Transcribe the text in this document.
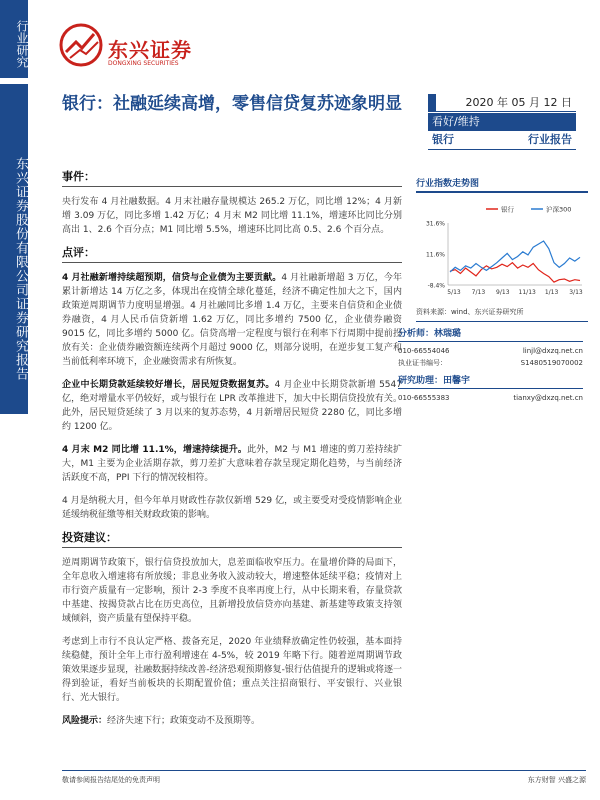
行业研究
东兴证券股份有限公司证券研究报告
东兴证券
DONGXING SECURITIES
银行：社融延续高增，零售信贷复苏迹象明显	2020 年 05 月 12 日
看好/维持
银行	行业报告
事件：
央行发布 4 月社融数据。4 月末社融存量规模达 265.2 万亿，同比增 12%；4 月新增 3.09 万亿，同比多增 1.42 万亿；4 月末 M2 同比增 11.1%，增速环比同比分别高出 1、2.6 个百分点；M1 同比增 5.5%，增速环比同比高 0.5、2.6 个百分点。
点评：
4 月社融新增持续超预期，信贷与企业债为主要贡献。4 月社融新增超 3 万亿，今年累计新增达 14 万亿之多，体现出在疫情全球化蔓延，经济不确定性加大之下，国内政策逆周期调节力度明显增强。4 月社融同比多增 1.4 万亿，主要来自信贷和企业债券融资，4 月人民币信贷新增 1.62 万亿，同比多增约 7500 亿，企业债券融资 9015 亿，同比多增约 5000 亿。信贷高增一定程度与银行在利率下行周期中提前投放有关：企业债券融资额连续两个月超过 9000 亿，则部分说明，在逆步复工复产和当前低利率环境下，企业融资需求有所恢复。
企业中长期贷款延续较好增长，居民短贷数据复苏。4 月企业中长期贷款新增 5547 亿，绝对增量水平仍较好，或与银行在 LPR 改革推进下，加大中长期信贷投放有关。此外，居民短贷延续了 3 月以来的复苏态势，4 月新增居民短贷 2280 亿，同比多增约 1200 亿。
4 月末 M2 同比增 11.1%，增速持续提升。此外，M2 与 M1 增速的剪刀差持续扩大，M1 主要为企业活期存款，剪刀差扩大意味着存款呈现定期化趋势，与当前经济活跃度不高，PPI 下行的情况较相符。
4 月是纳税大月，但今年单月财政性存款仅新增 529 亿，或主要受对受疫情影响企业延缓纳税征缴等相关财政政策的影响。
投资建议：
逆周期调节政策下，银行信贷投放加大，息差面临收窄压力。在量增价降的局面下，全年息收入增速将有所放缓；非息业务收入波动较大，增速整体延续平稳；疫情对上市行资产质量有一定影响，预计 2-3 季度不良率再度上行，从中长期来看，存量贷款中基建、按揭贷款占比在历史高位，且新增投放信贷亦向基建、新基建等政策支持领域倾斜，资产质量有望保持平稳。
考虑到上市行不良认定严格、拨备充足，2020 年业绩释放确定性仍较强，基本面持续稳健，预计全年上市行盈利增速在 4-5%，较 2019 年略下行。随着逆周期调节政策效果逐步显现，社融数据持续改善-经济恐观预期修复-银行估值提升的逻辑或将逐一得到验证，看好当前板块的长期配置价值；重点关注招商银行、平安银行、兴业银行、光大银行。
风险提示：经济失速下行；政策变动不及预期等。
行业指数走势图
31.6%
11.6%
-8.4%
5/13 7/13 9/13 11/13 1/13 3/13
银行	沪深300
资料来源：wind、东兴证券研究所
分析师：林瑞璐
010-66554046	linjl@dxzq.net.cn
执业证书编号：	S1480519070002
研究助理：田馨宇
010-66555383	tianxy@dxzq.net.cn
敬请参阅报告结尾处的免责声明	东方财智 兴盛之源
